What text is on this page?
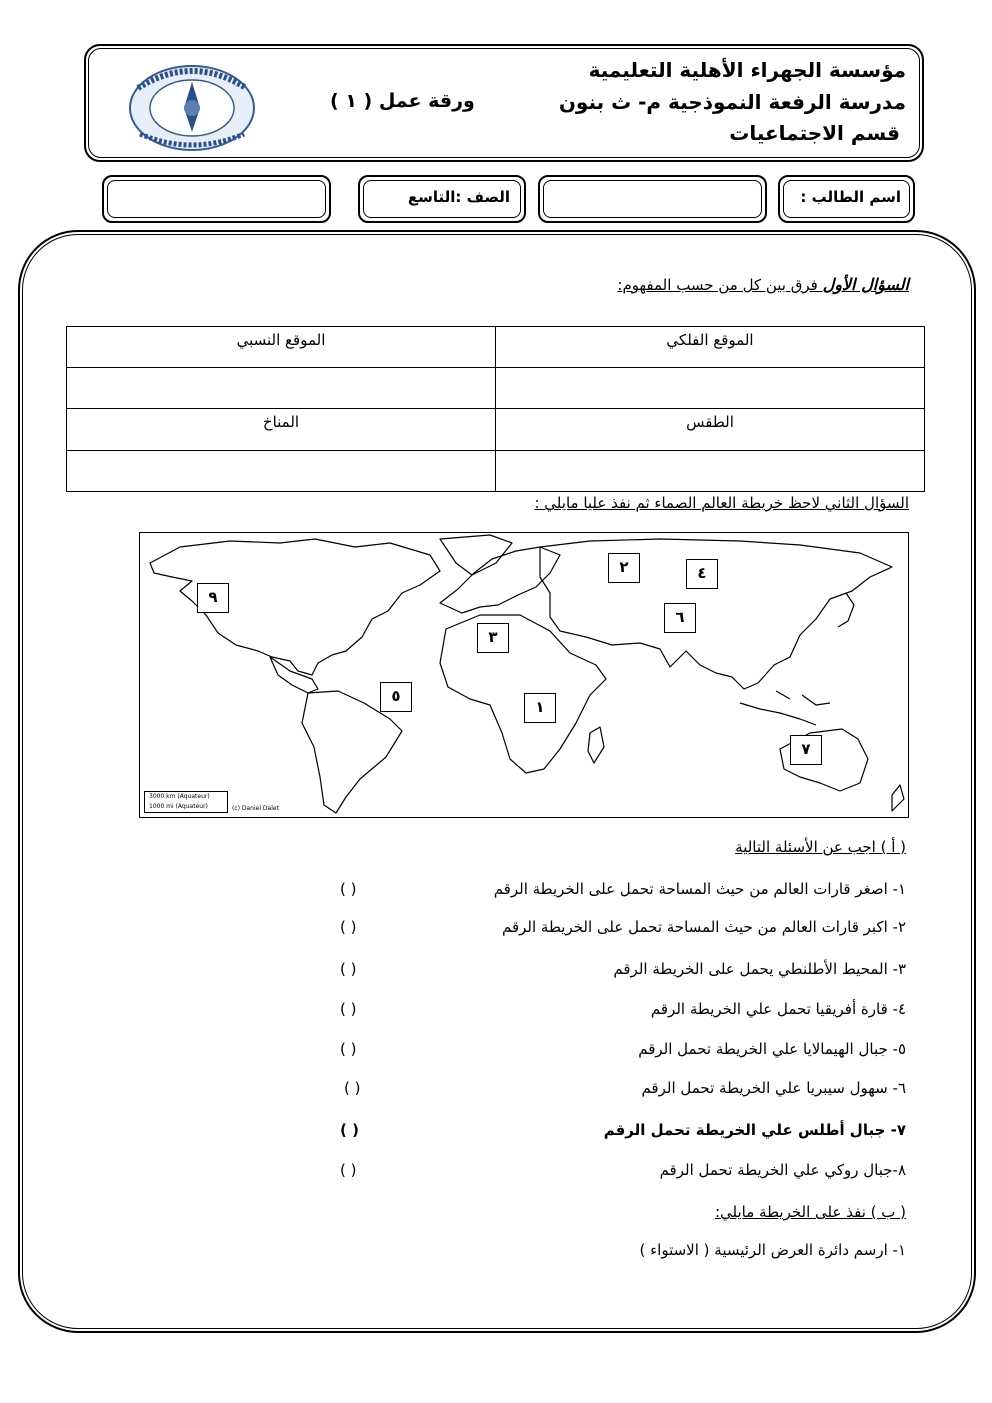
مؤسسة الجهراء الأهلية التعليمية
مدرسة الرفعة النموذجية م- ث بنون
قسم الاجتماعيات
ورقة عمل ( ١ )
اسم الطالب :
الصف :التاسع
السؤال الأول فرق بين كل من حسب المفهوم:
الموقع الفلكي	الموقع النسبي

الطقس	المناخ

السؤال الثاني لاحظ خريطة العالم الصماء ثم نفذ عليا مايلي :
٩
٢	٤
٣
٦
٥
١
٧
3000 km (Aquateur)
1000 mi (Aquateur)	(c) Daniel Dalet
( أ ) اجب عن الأسئلة التالية
١- اصغر قارات العالم من حيث المساحة تحمل على الخريطة الرقم
( )
٢- اكبر قارات العالم من حيث المساحة تحمل على الخريطة الرقم
( )
٣- المحيط الأطلنطي يحمل على الخريطة الرقم
( )
٤- قارة أفريقيا تحمل علي الخريطة الرقم
( )
٥- جبال الهيمالايا علي الخريطة تحمل الرقم
( )
٦- سهول سيبريا علي الخريطة تحمل الرقم
( )
٧- جبال أطلس علي الخريطة تحمل الرقم
( )
٨-جبال روكي علي الخريطة تحمل الرقم
( )
( ب ) نفذ على الخريطة مايلي:
١- ارسم دائرة العرض الرئيسية ( الاستواء )
